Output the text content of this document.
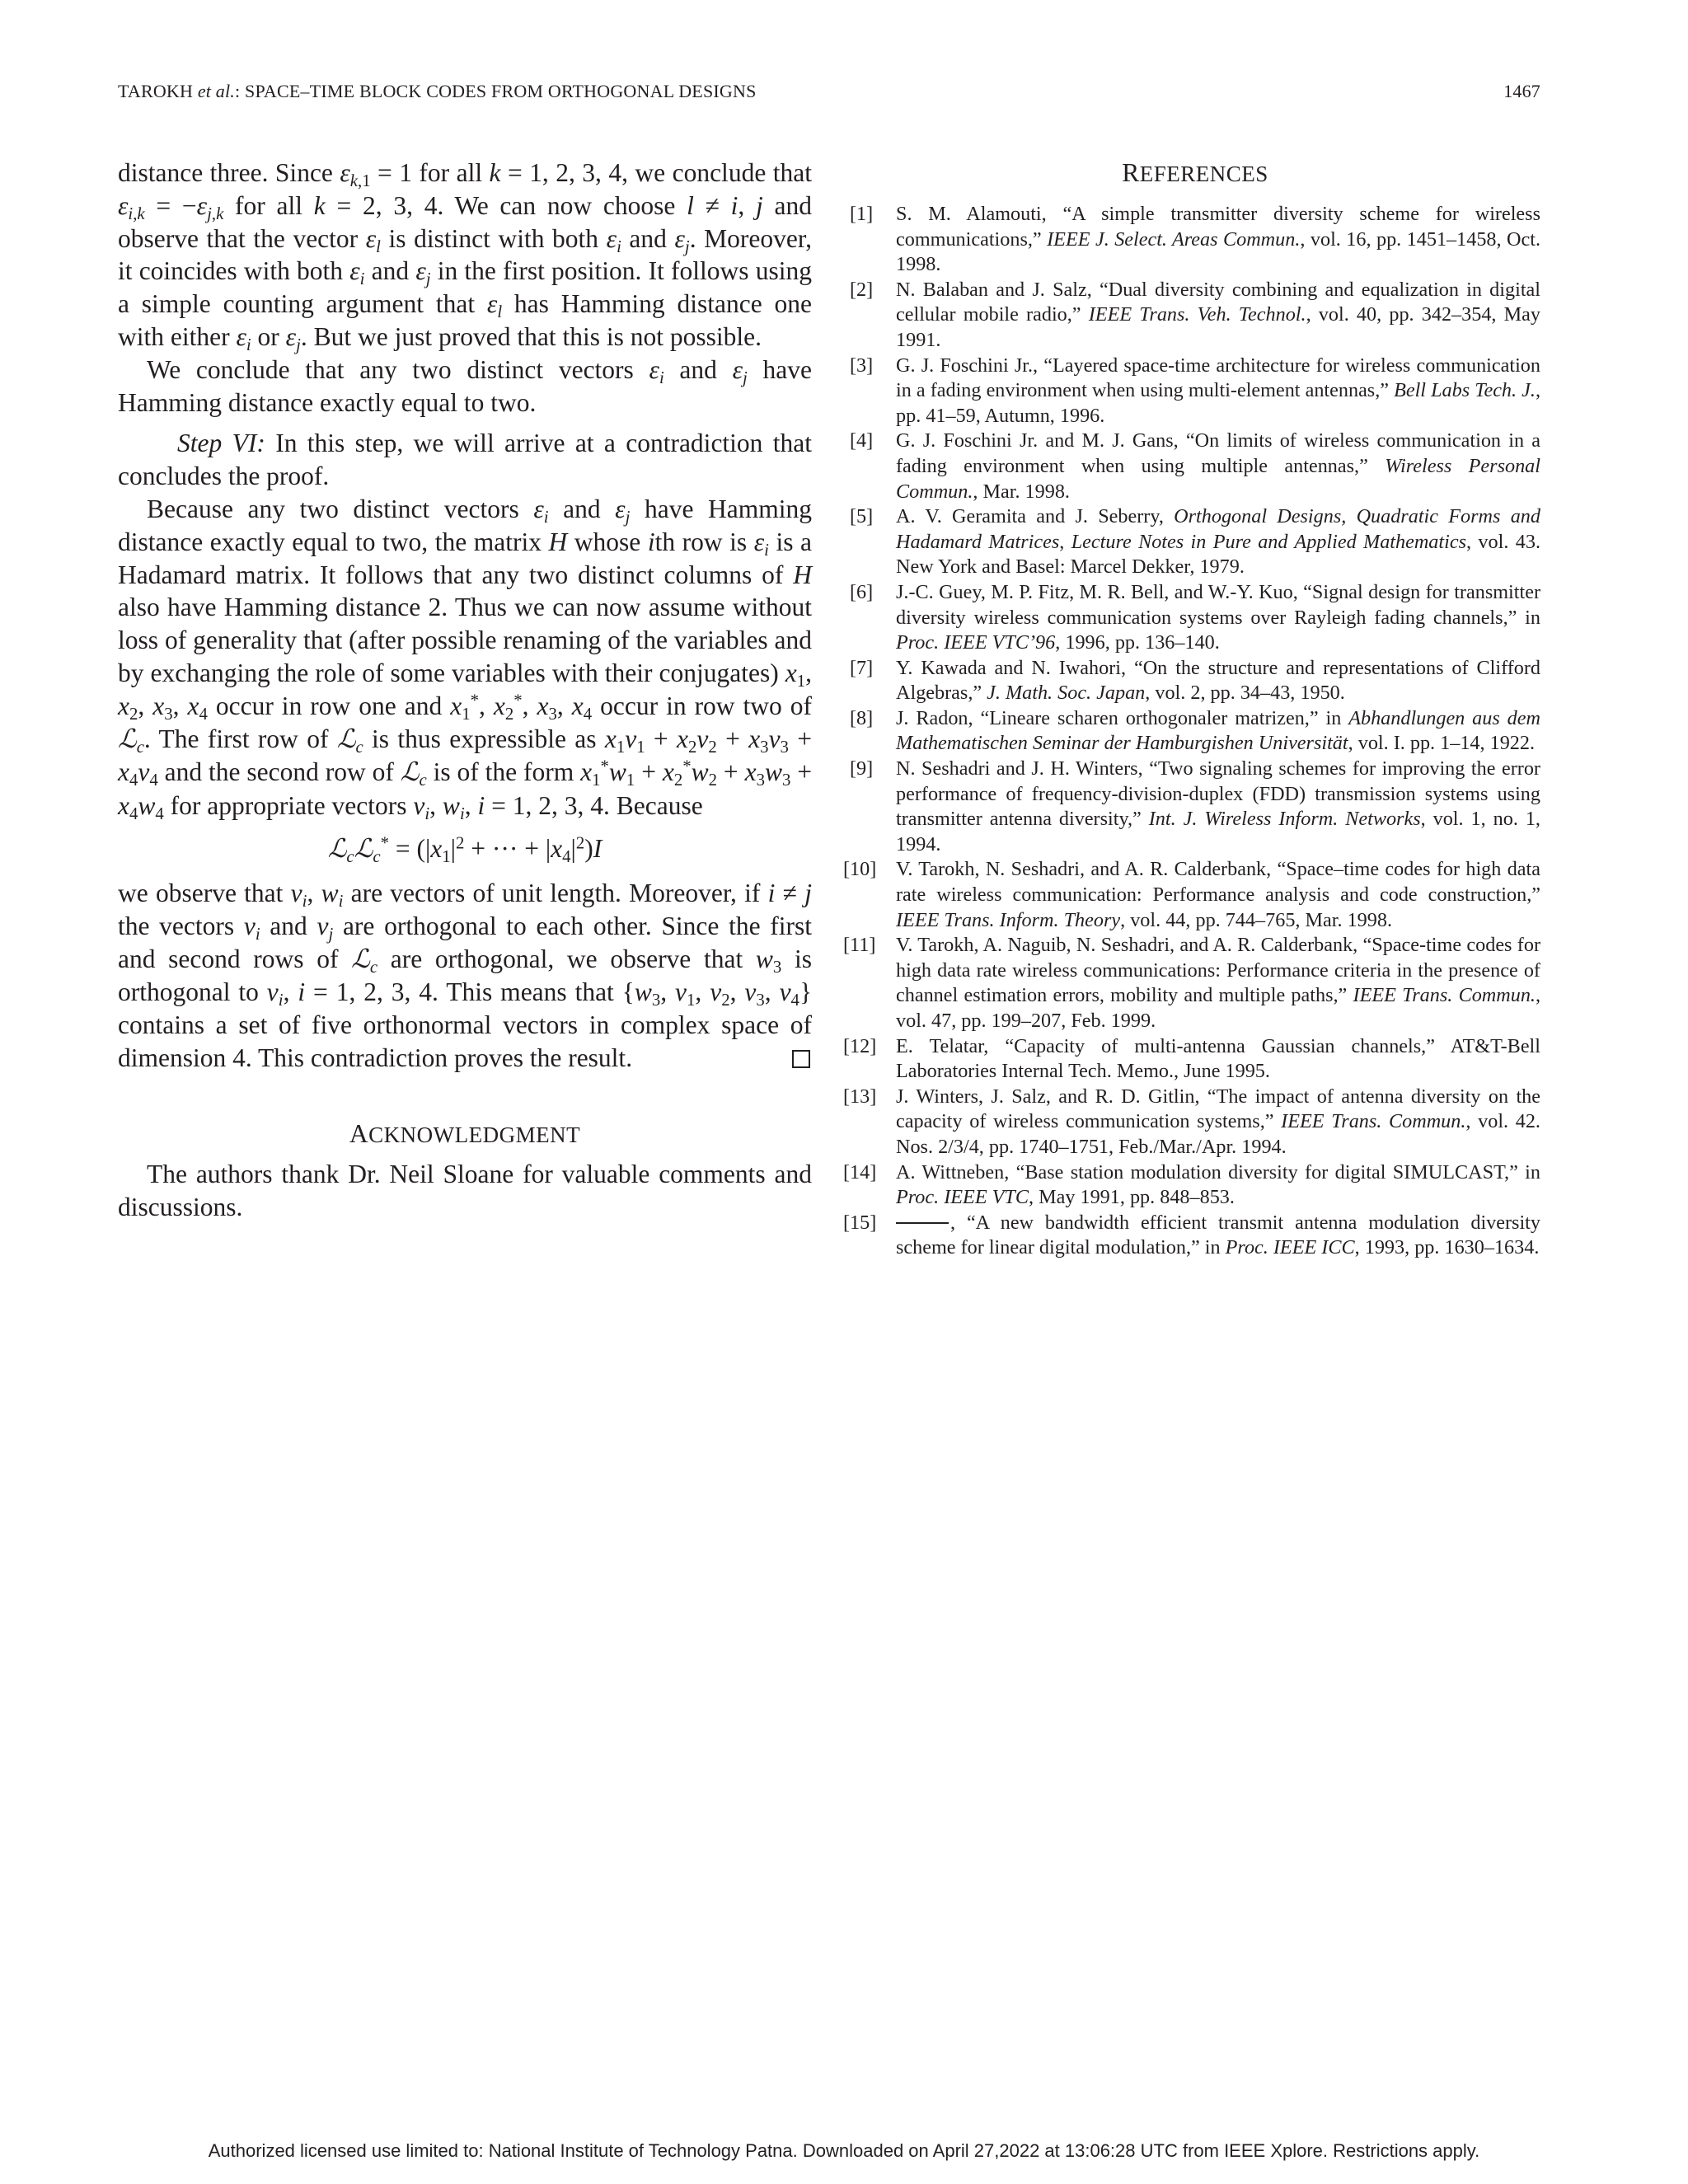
TAROKH et al.: SPACE–TIME BLOCK CODES FROM ORTHOGONAL DESIGNS	1467

distance three. Since $\varepsilon_{k,1} = 1$ for all k = 1, 2, 3, 4, we conclude that $\varepsilon_{i,k} = -\varepsilon_{j,k}$ for all k = 2, 3, 4. We can now choose l ≠ i, j and observe that the vector $\varepsilon_l$ is distinct with both $\varepsilon_i$ and $\varepsilon_j$. Moreover, it coincides with both $\varepsilon_i$ and $\varepsilon_j$ in the first position. It follows using a simple counting argument that $\varepsilon_l$ has Hamming distance one with either $\varepsilon_i$ or $\varepsilon_j$. But we just proved that this is not possible.

We conclude that any two distinct vectors $\varepsilon_i$ and $\varepsilon_j$ have Hamming distance exactly equal to two.

Step VI: In this step, we will arrive at a contradiction that concludes the proof.

Because any two distinct vectors $\varepsilon_i$ and $\varepsilon_j$ have Hamming distance exactly equal to two, the matrix H whose ith row is $\varepsilon_i$ is a Hadamard matrix. It follows that any two distinct columns of H also have Hamming distance 2. Thus we can now assume without loss of generality that (after possible renaming of the variables and by exchanging the role of some variables with their conjugates) $x_1$, $x_2$, $x_3$, $x_4$ occur in row one and $x_1^*$, $x_2^*$, $x_3$, $x_4$ occur in row two of ℒ$_c$. The first row of ℒ$_c$ is thus expressible as $x_1v_1 + x_2v_2 + x_3v_3 + x_4v_4$ and the second row of ℒ$_c$ is of the form $x_1^*w_1 + x_2^*w_2 + x_3w_3 + x_4w_4$ for appropriate vectors $v_i$, $w_i$, i = 1, 2, 3, 4. Because

ℒ$_c$ℒ$_c$* = ($|x_1|^2$ + ··· + $|x_4|^2)I$

we observe that $v_i$, $w_i$ are vectors of unit length. Moreover, if i ≠ j the vectors $v_i$ and $v_j$ are orthogonal to each other. Since the first and second rows of ℒ$_c$ are orthogonal, we observe that $w_3$ is orthogonal to $v_i$, i = 1, 2, 3, 4. This means that {$w_3$, $v_1$, $v_2$, $v_3$, $v_4$} contains a set of five orthonormal vectors in complex space of dimension 4. This contradiction proves the result.

ACKNOWLEDGMENT

The authors thank Dr. Neil Sloane for valuable comments and discussions.

REFERENCES
[1]	S. M. Alamouti, “A simple transmitter diversity scheme for wireless communications,” IEEE J. Select. Areas Commun., vol. 16, pp. 1451–1458, Oct. 1998.
[2]	N. Balaban and J. Salz, “Dual diversity combining and equalization in digital cellular mobile radio,” IEEE Trans. Veh. Technol., vol. 40, pp. 342–354, May 1991.
[3]	G. J. Foschini Jr., “Layered space-time architecture for wireless communication in a fading environment when using multi-element antennas,” Bell Labs Tech. J., pp. 41–59, Autumn, 1996.
[4]	G. J. Foschini Jr. and M. J. Gans, “On limits of wireless communication in a fading environment when using multiple antennas,” Wireless Personal Commun., Mar. 1998.
[5]	A. V. Geramita and J. Seberry, Orthogonal Designs, Quadratic Forms and Hadamard Matrices, Lecture Notes in Pure and Applied Mathematics, vol. 43. New York and Basel: Marcel Dekker, 1979.
[6]	J.-C. Guey, M. P. Fitz, M. R. Bell, and W.-Y. Kuo, “Signal design for transmitter diversity wireless communication systems over Rayleigh fading channels,” in Proc. IEEE VTC’96, 1996, pp. 136–140.
[7]	Y. Kawada and N. Iwahori, “On the structure and representations of Clifford Algebras,” J. Math. Soc. Japan, vol. 2, pp. 34–43, 1950.
[8]	J. Radon, “Lineare scharen orthogonaler matrizen,” in Abhandlungen aus dem Mathematischen Seminar der Hamburgishen Universität, vol. I. pp. 1–14, 1922.
[9]	N. Seshadri and J. H. Winters, “Two signaling schemes for improving the error performance of frequency-division-duplex (FDD) transmission systems using transmitter antenna diversity,” Int. J. Wireless Inform. Networks, vol. 1, no. 1, 1994.
[10] V. Tarokh, N. Seshadri, and A. R. Calderbank, “Space–time codes for high data rate wireless communication: Performance analysis and code construction,” IEEE Trans. Inform. Theory, vol. 44, pp. 744–765, Mar. 1998.
[11]	V. Tarokh, A. Naguib, N. Seshadri, and A. R. Calderbank, “Space-time codes for high data rate wireless communications: Performance criteria in the presence of channel estimation errors, mobility and multiple paths,” IEEE Trans. Commun., vol. 47, pp. 199–207, Feb. 1999.
[12] E. Telatar, “Capacity of multi-antenna Gaussian channels,” AT&T-Bell Laboratories Internal Tech. Memo., June 1995.
[13] J. Winters, J. Salz, and R. D. Gitlin, “The impact of antenna diversity on the capacity of wireless communication systems,” IEEE Trans. Commun., vol. 42. Nos. 2/3/4, pp. 1740–1751, Feb./Mar./Apr. 1994.
[14] A. Wittneben, “Base station modulation diversity for digital SIMULCAST,” in Proc. IEEE VTC, May 1991, pp. 848–853.
[15]	, “A new bandwidth efficient transmit antenna modulation diversity scheme for linear digital modulation,” in Proc. IEEE ICC, 1993, pp. 1630–1634.
Authorized licensed use limited to: National Institute of Technology Patna. Downloaded on April 27,2022 at 13:06:28 UTC from IEEE Xplore. Restrictions apply.
